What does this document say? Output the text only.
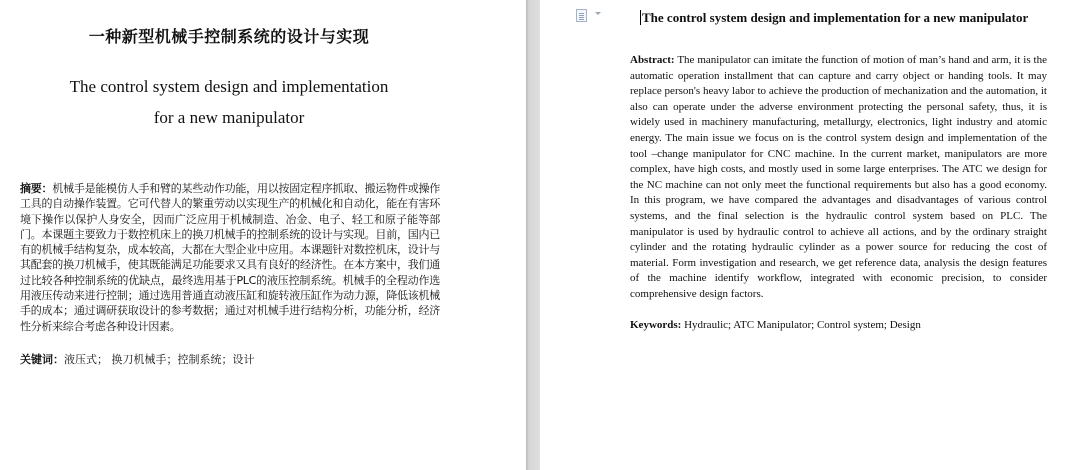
一种新型机械手控制系统的设计与实现
The control system design and implementation
for a new manipulator
摘要：机械手是能模仿人手和臂的某些动作功能，用以按固定程序抓取、搬运物件或操作工具的自动操作装置。它可代替人的繁重劳动以实现生产的机械化和自动化，能在有害环境下操作以保护人身安全，因而广泛应用于机械制造、冶金、电子、轻工和原子能等部门。本课题主要致力于数控机床上的换刀机械手的控制系统的设计与实现。目前，国内已有的机械手结构复杂，成本较高，大都在大型企业中应用。本课题针对数控机床，设计与其配套的换刀机械手，使其既能满足功能要求又具有良好的经济性。在本方案中，我们通过比较各种控制系统的优缺点，最终选用基于PLC的液压控制系统。机械手的全程动作选用液压传动来进行控制；通过选用普通直动液压缸和旋转液压缸作为动力源，降低该机械手的成本；通过调研获取设计的参考数据；通过对机械手进行结构分析，功能分析，经济性分析来综合考虑各种设计因素。
关键词：液压式； 换刀机械手；控制系统；设计
The control system design and implementation for a new manipulator
Abstract: The manipulator can imitate the function of motion of man’s hand and arm, it is the automatic operation installment that can capture and carry object or handing tools. It may replace person's heavy labor to achieve the production of mechanization and the automation, it also can operate under the adverse environment protecting the personal safety, thus, it is widely used in machinery manufacturing, metallurgy, electronics, light industry and atomic energy. The main issue we focus on is the control system design and implementation of the tool –change manipulator for CNC machine. In the current market, manipulators are more complex, have high costs, and mostly used in some large enterprises. The ATC we design for the NC machine can not only meet the functional requirements but also has a good economy. In this program, we have compared the advantages and disadvantages of various control systems, and the final selection is the hydraulic control system based on PLC. The manipulator is used by hydraulic control to achieve all actions, and by the ordinary straight cylinder and the rotating hydraulic cylinder as a power source for reducing the cost of material. Form investigation and research, we get reference data, analysis the design features of the machine identify workflow, integrated with economic precision, to consider comprehensive design factors.
Keywords: Hydraulic; ATC Manipulator; Control system; Design
